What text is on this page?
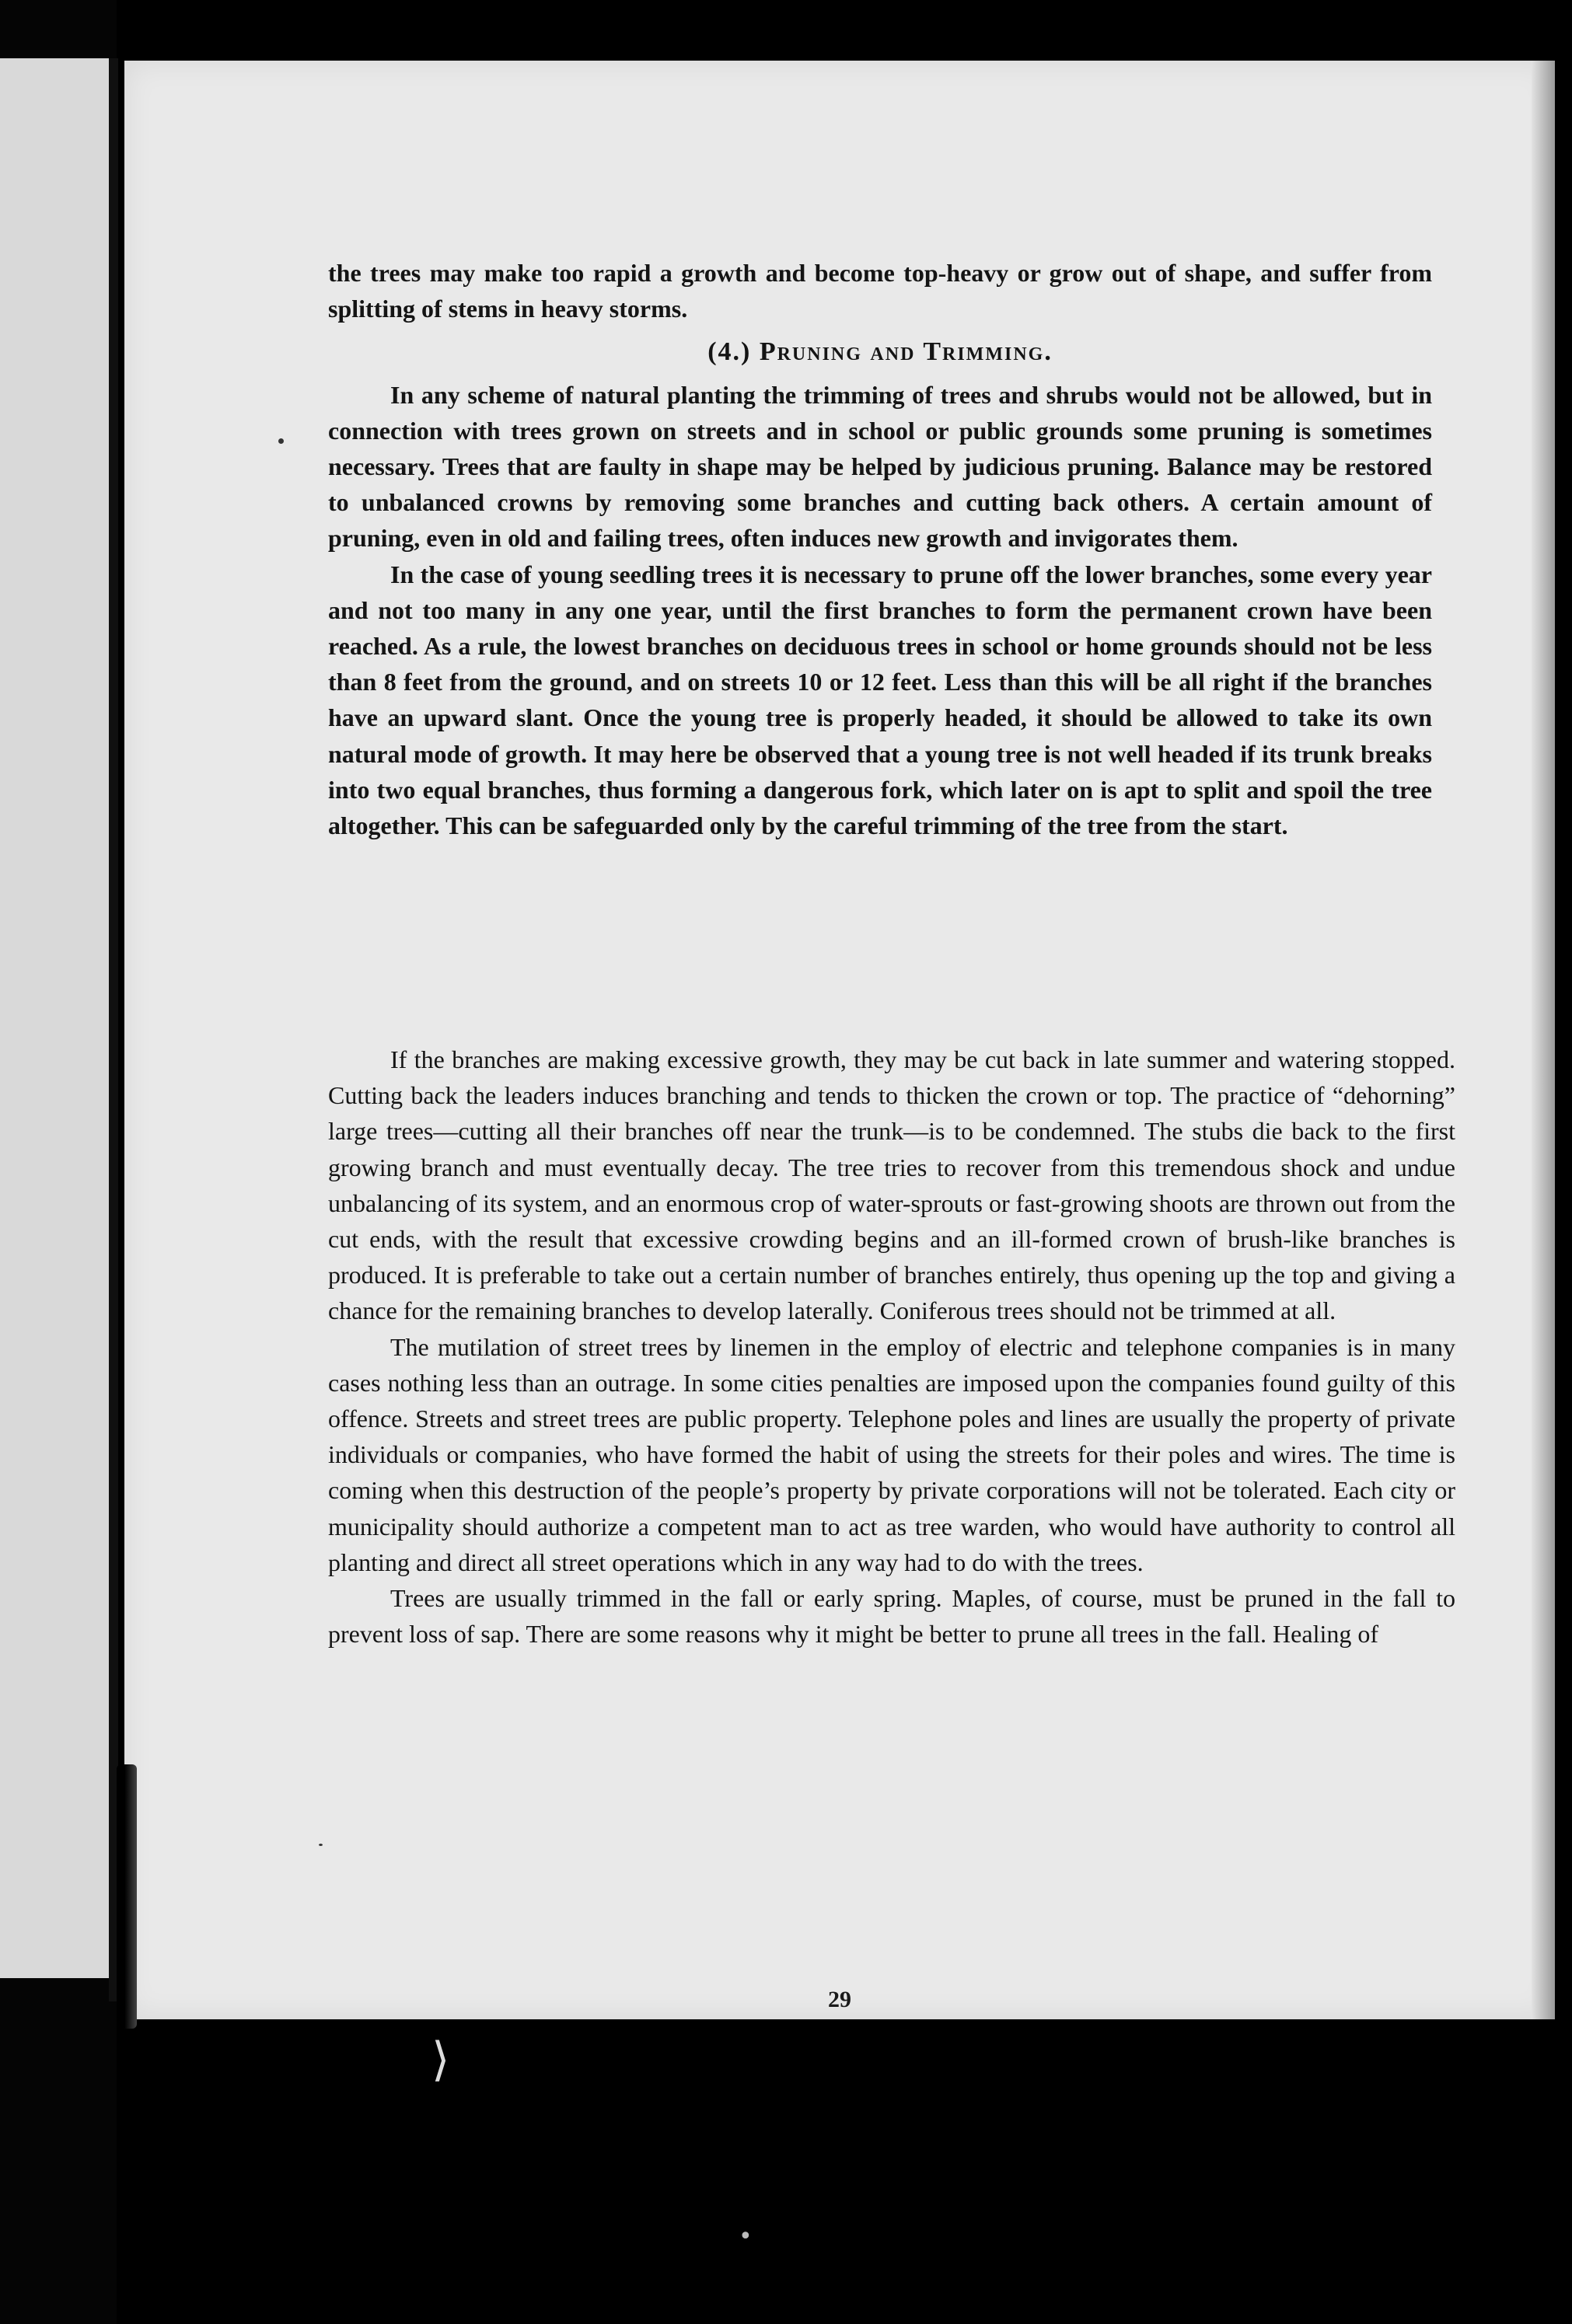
the trees may make too rapid a growth and become top-heavy or grow out of shape, and suffer from splitting of stems in heavy storms.

(4.) Pruning and Trimming.

In any scheme of natural planting the trimming of trees and shrubs would not be allowed, but in connection with trees grown on streets and in school or public grounds some pruning is sometimes necessary. Trees that are faulty in shape may be helped by judicious pruning. Balance may be restored to unbalanced crowns by removing some branches and cutting back others. A certain amount of pruning, even in old and failing trees, often induces new growth and invigorates them.

In the case of young seedling trees it is necessary to prune off the lower branches, some every year and not too many in any one year, until the first branches to form the permanent crown have been reached. As a rule, the lowest branches on deciduous trees in school or home grounds should not be less than 8 feet from the ground, and on streets 10 or 12 feet. Less than this will be all right if the branches have an upward slant. Once the young tree is properly headed, it should be allowed to take its own natural mode of growth. It may here be observed that a young tree is not well headed if its trunk breaks into two equal branches, thus forming a dangerous fork, which later on is apt to split and spoil the tree altogether. This can be safeguarded only by the careful trimming of the tree from the start.

If the branches are making excessive growth, they may be cut back in late summer and watering stopped. Cutting back the leaders induces branching and tends to thicken the crown or top. The practice of “dehorning” large trees—cutting all their branches off near the trunk—is to be condemned. The stubs die back to the first growing branch and must eventually decay. The tree tries to recover from this tremendous shock and undue unbalancing of its system, and an enormous crop of water-sprouts or fast-growing shoots are thrown out from the cut ends, with the result that excessive crowding begins and an ill-formed crown of brush-like branches is produced. It is preferable to take out a certain number of branches entirely, thus opening up the top and giving a chance for the remaining branches to develop laterally. Coniferous trees should not be trimmed at all.

The mutilation of street trees by linemen in the employ of electric and telephone companies is in many cases nothing less than an outrage. In some cities penalties are imposed upon the companies found guilty of this offence. Streets and street trees are public property. Telephone poles and lines are usually the property of private individuals or companies, who have formed the habit of using the streets for their poles and wires. The time is coming when this destruction of the people’s property by private corporations will not be tolerated. Each city or municipality should authorize a competent man to act as tree warden, who would have authority to control all planting and direct all street operations which in any way had to do with the trees.

Trees are usually trimmed in the fall or early spring. Maples, of course, must be pruned in the fall to prevent loss of sap. There are some reasons why it might be better to prune all trees in the fall. Healing of

29
⟩
•
